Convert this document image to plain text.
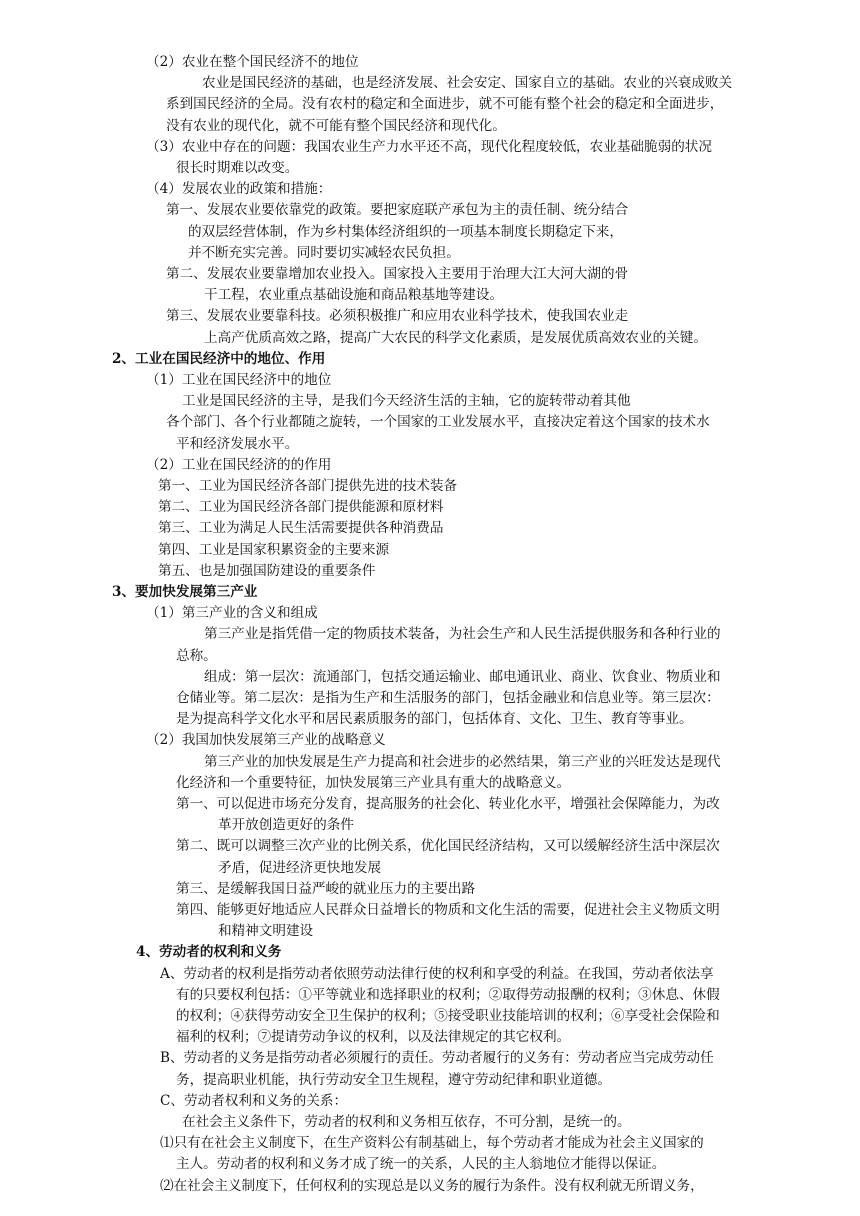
（2）农业在整个国民经济不的地位
农业是国民经济的基础，也是经济发展、社会安定、国家自立的基础。农业的兴衰成败关
系到国民经济的全局。没有农村的稳定和全面进步，就不可能有整个社会的稳定和全面进步，
没有农业的现代化，就不可能有整个国民经济和现代化。
（3）农业中存在的问题：我国农业生产力水平还不高，现代化程度较低，农业基础脆弱的状况
很长时期难以改变。
（4）发展农业的政策和措施：
第一、发展农业要依靠党的政策。要把家庭联产承包为主的责任制、统分结合
的双层经营体制，作为乡村集体经济组织的一项基本制度长期稳定下来，
并不断充实完善。同时要切实减轻农民负担。
第二、发展农业要靠增加农业投入。国家投入主要用于治理大江大河大湖的骨
干工程，农业重点基础设施和商品粮基地等建设。
第三、发展农业要靠科技。必须积极推广和应用农业科学技术，使我国农业走
上高产优质高效之路，提高广大农民的科学文化素质，是发展优质高效农业的关键。
2、工业在国民经济中的地位、作用
（1）工业在国民经济中的地位
工业是国民经济的主导，是我们今天经济生活的主轴，它的旋转带动着其他
各个部门、各个行业都随之旋转，一个国家的工业发展水平，直接决定着这个国家的技术水
平和经济发展水平。
（2）工业在国民经济的的作用
第一、工业为国民经济各部门提供先进的技术装备
第二、工业为国民经济各部门提供能源和原材料
第三、工业为满足人民生活需要提供各种消费品
第四、工业是国家积累资金的主要来源
第五、也是加强国防建设的重要条件
3、要加快发展第三产业
（1）第三产业的含义和组成
第三产业是指凭借一定的物质技术装备，为社会生产和人民生活提供服务和各种行业的
总称。
组成：第一层次：流通部门，包括交通运输业、邮电通讯业、商业、饮食业、物质业和
仓储业等。第二层次：是指为生产和生活服务的部门，包括金融业和信息业等。第三层次：
是为提高科学文化水平和居民素质服务的部门，包括体育、文化、卫生、教育等事业。
（2）我国加快发展第三产业的战略意义
第三产业的加快发展是生产力提高和社会进步的必然结果，第三产业的兴旺发达是现代
化经济和一个重要特征，加快发展第三产业具有重大的战略意义。
第一、可以促进市场充分发育，提高服务的社会化、转业化水平，增强社会保障能力，为改
革开放创造更好的条件
第二、既可以调整三次产业的比例关系，优化国民经济结构，又可以缓解经济生活中深层次
矛盾，促进经济更快地发展
第三、是缓解我国日益严峻的就业压力的主要出路
第四、能够更好地适应人民群众日益增长的物质和文化生活的需要，促进社会主义物质文明
和精神文明建设
4、劳动者的权利和义务
A、劳动者的权利是指劳动者依照劳动法律行使的权利和享受的利益。在我国，劳动者依法享
有的只要权利包括：①平等就业和选择职业的权利；②取得劳动报酬的权利；③休息、休假
的权利；④获得劳动安全卫生保护的权利；⑤接受职业技能培训的权利；⑥享受社会保险和
福利的权利；⑦提请劳动争议的权利，以及法律规定的其它权利。
B、劳动者的义务是指劳动者必须履行的责任。劳动者履行的义务有：劳动者应当完成劳动任
务，提高职业机能，执行劳动安全卫生规程，遵守劳动纪律和职业道德。
C、劳动者权利和义务的关系：
在社会主义条件下，劳动者的权利和义务相互依存，不可分割，是统一的。
⑴只有在社会主义制度下，在生产资料公有制基础上，每个劳动者才能成为社会主义国家的
主人。劳动者的权利和义务才成了统一的关系，人民的主人翁地位才能得以保证。
⑵在社会主义制度下，任何权利的实现总是以义务的履行为条件。没有权利就无所谓义务，
